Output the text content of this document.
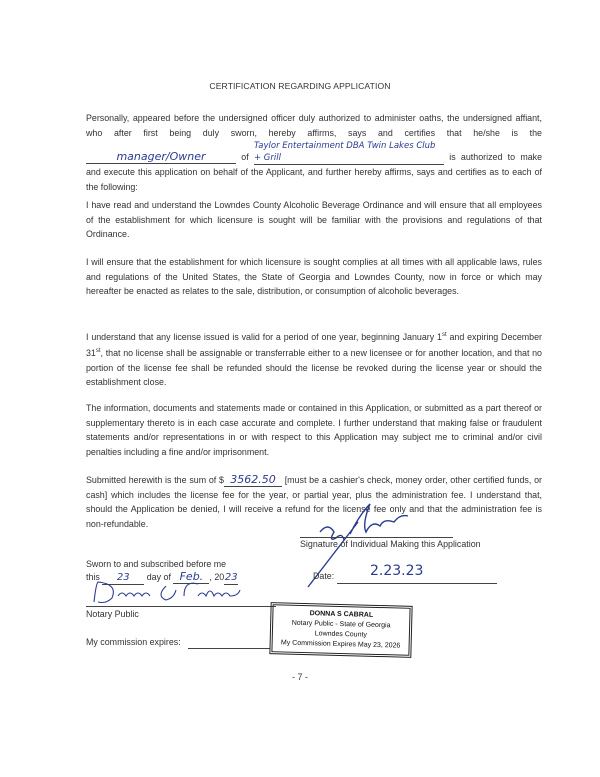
CERTIFICATION REGARDING APPLICATION
Personally, appeared before the undersigned officer duly authorized to administer oaths, the undersigned affiant, who after first being duly sworn, hereby affirms, says and certifies that he/she is the manager/Owner	of Taylor Entertainment DBA Twin Lakes Club + Grill	is authorized to make and execute this application on behalf of the Applicant, and further hereby affirms, says and certifies as to each of the following:
I have read and understand the Lowndes County Alcoholic Beverage Ordinance and will ensure that all employees of the establishment for which licensure is sought will be familiar with the provisions and regulations of that Ordinance.
I will ensure that the establishment for which licensure is sought complies at all times with all applicable laws, rules and regulations of the United States, the State of Georgia and Lowndes County, now in force or which may hereafter be enacted as relates to the sale, distribution, or consumption of alcoholic beverages.
I understand that any license issued is valid for a period of one year, beginning January 1st and expiring December 31st, that no license shall be assignable or transferrable either to a new licensee or for another location, and that no portion of the license fee shall be refunded should the license be revoked during the license year or should the establishment close.
The information, documents and statements made or contained in this Application, or submitted as a part thereof or supplementary thereto is in each case accurate and complete. I further understand that making false or fraudulent statements and/or representations in or with respect to this Application may subject me to criminal and/or civil penalties including a fine and/or imprisonment.
Submitted herewith is the sum of $ 3562.50 [must be a cashier's check, money order, other certified funds, or cash] which includes the license fee for the year, or partial year, plus the administration fee. I understand that, should the Application be denied, I will receive a refund for the license fee only and that the administration fee is non-refundable.
Signature of Individual Making this Application
Sworn to and subscribed before me
this 23 day of Feb. , 2023	Date:	2.23.23
Notary Public
My commission expires:
DONNA S CABRAL
Notary Public - State of Georgia
Lowndes County
My Commission Expires May 23, 2026
- 7 -
